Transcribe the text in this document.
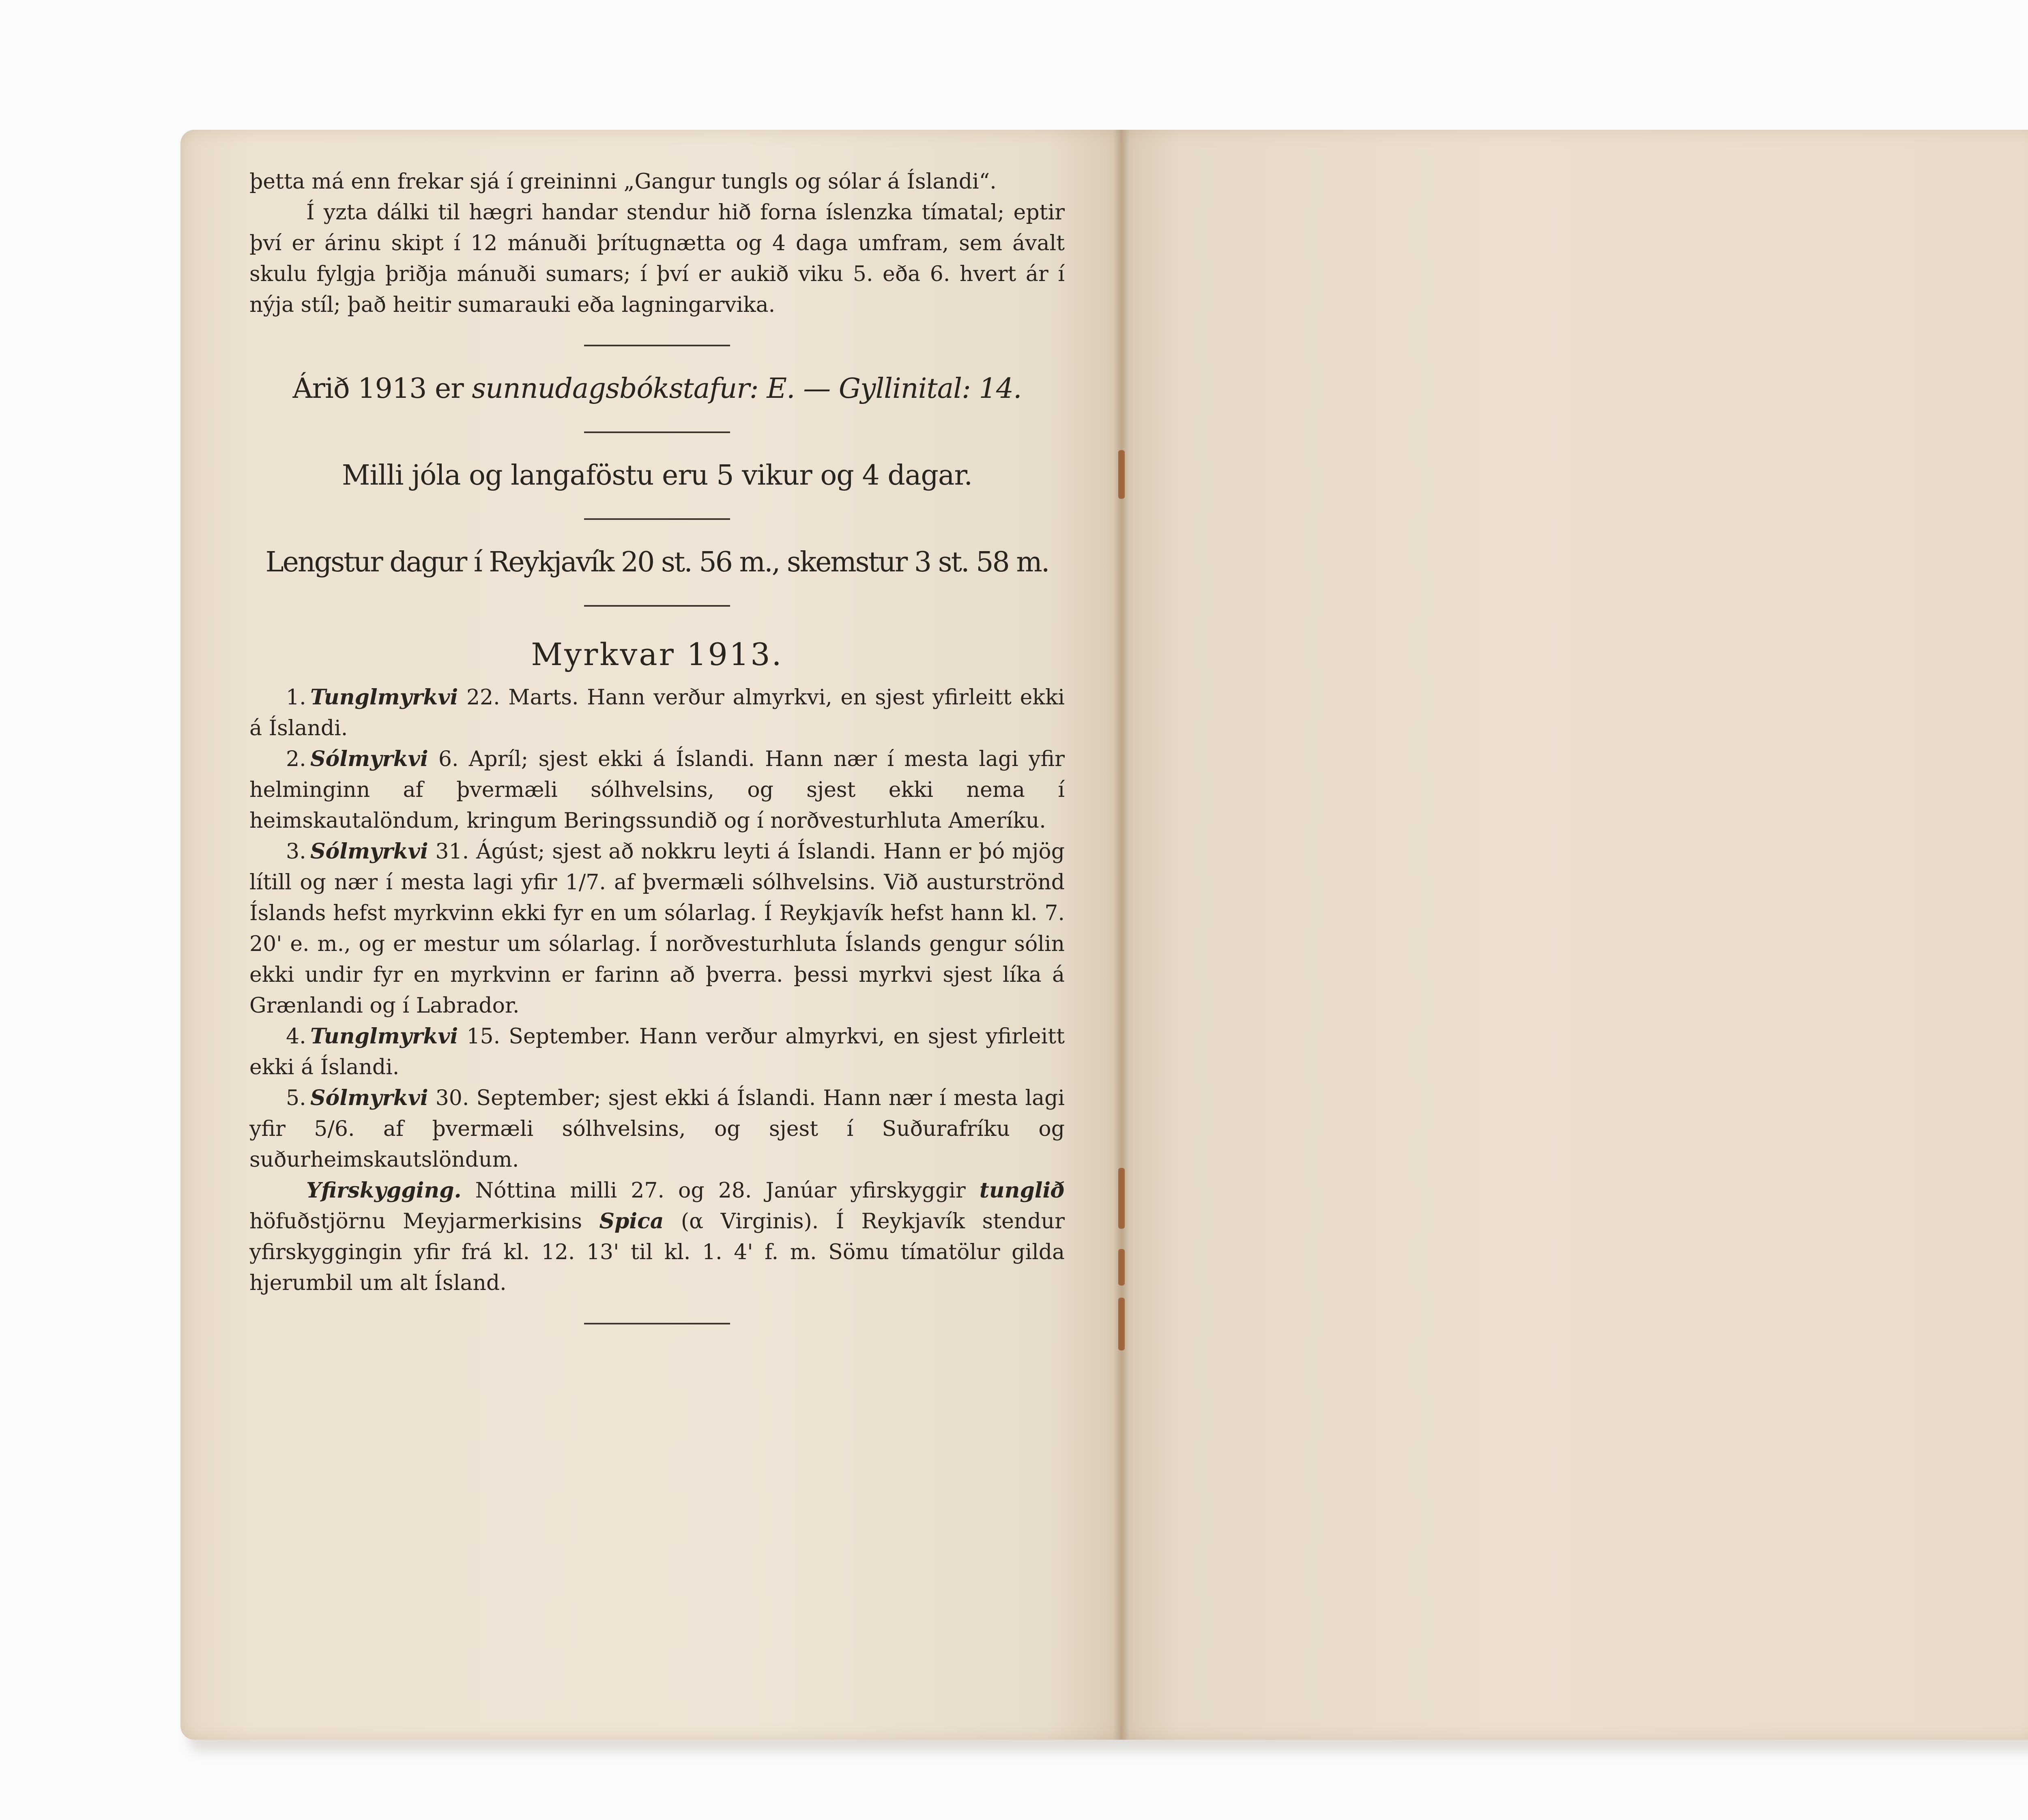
þetta má enn frekar sjá í greininni „Gangur tungls og sólar á Íslandi“.

Í yzta dálki til hægri handar stendur hið forna íslenzka tímatal; eptir því er árinu skipt í 12 mánuði þrítugnætta og 4 daga umfram, sem ávalt skulu fylgja þriðja mánuði sumars; í því er aukið viku 5. eða 6. hvert ár í nýja stíl; það heitir sumarauki eða lagningarvika.

Árið 1913 er sunnudagsbókstafur: E. — Gyllinital: 14.
Milli jóla og langaföstu eru 5 vikur og 4 dagar.
Lengstur dagur í Reykjavík 20 st. 56 m., skemstur 3 st. 58 m.
Myrkvar 1913.

1. Tunglmyrkvi 22. Marts. Hann verður almyrkvi, en sjest yfirleitt ekki á Íslandi.

2. Sólmyrkvi 6. Apríl; sjest ekki á Íslandi. Hann nær í mesta lagi yfir helminginn af þvermæli sólhvelsins, og sjest ekki nema í heimskautalöndum, kringum Beringssundið og í norðvesturhluta Ameríku.

3. Sólmyrkvi 31. Ágúst; sjest að nokkru leyti á Íslandi. Hann er þó mjög lítill og nær í mesta lagi yfir 1/7. af þvermæli sólhvelsins. Við austurströnd Íslands hefst myrkvinn ekki fyr en um sólarlag. Í Reykjavík hefst hann kl. 7. 20' e. m., og er mestur um sólarlag. Í norðvesturhluta Íslands gengur sólin ekki undir fyr en myrkvinn er farinn að þverra. þessi myrkvi sjest líka á Grænlandi og í Labrador.

4. Tunglmyrkvi 15. September. Hann verður almyrkvi, en sjest yfirleitt ekki á Íslandi.

5. Sólmyrkvi 30. September; sjest ekki á Íslandi. Hann nær í mesta lagi yfir 5/6. af þvermæli sólhvelsins, og sjest í Suðurafríku og suðurheimskautslöndum.

Yfirskygging. Nóttina milli 27. og 28. Janúar yfirskyggir tunglið höfuðstjörnu Meyjarmerkisins Spica (α Virginis). Í Reykjavík stendur yfirskyggingin yfir frá kl. 12. 13' til kl. 1. 4' f. m. Sömu tímatölur gilda hjerumbil um alt Ísland.
